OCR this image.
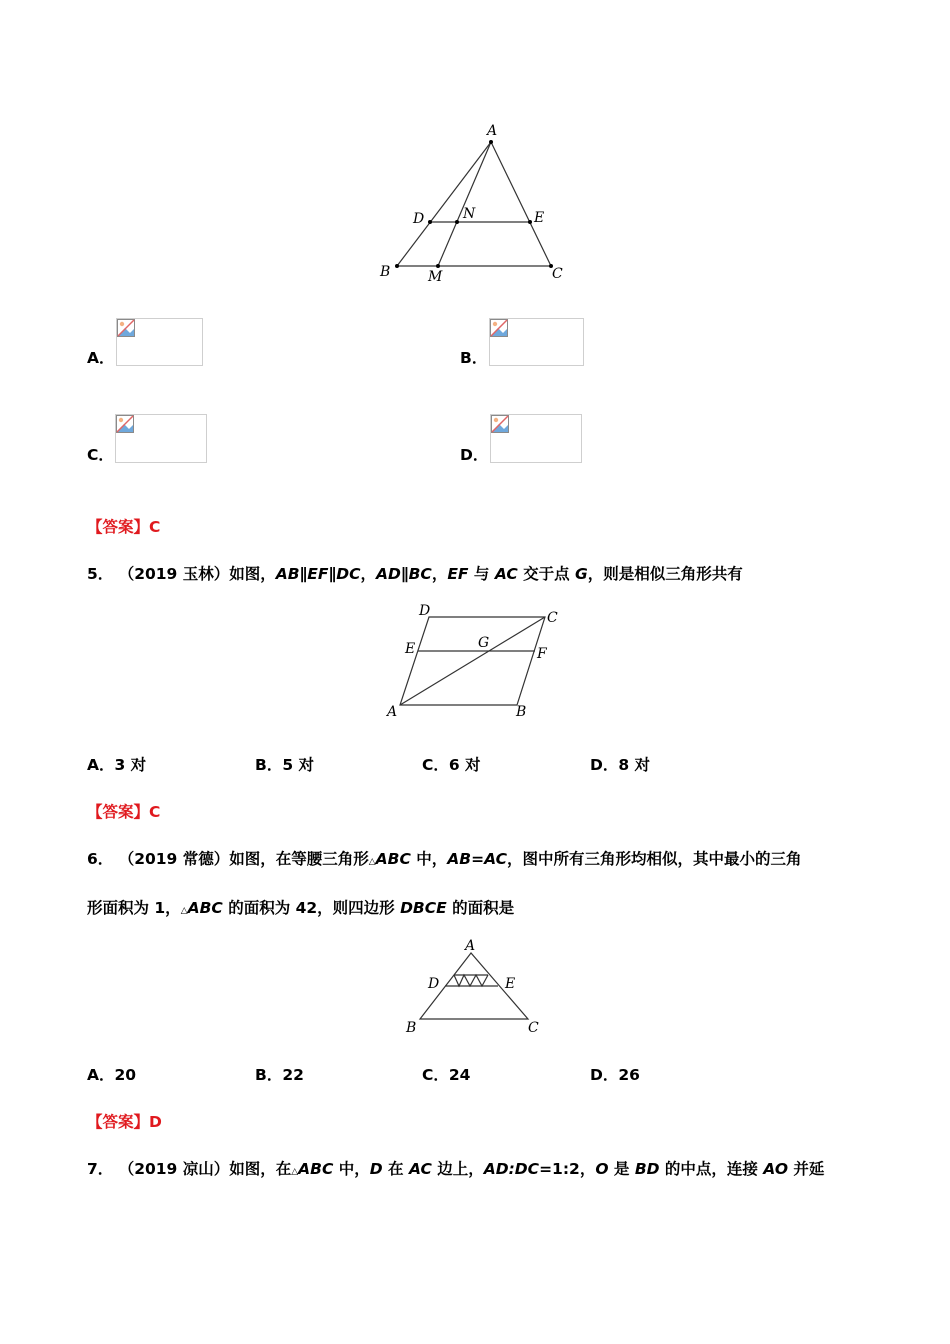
A
D	N	E
B	M	C
A．	B．
C．	D．
【答案】C
5． （2019 玉林）如图，AB∥EF∥DC，AD∥BC，EF 与 AC 交于点 G，则是相似三角形共有
D	C
E	G
F
A	B
A．3 对	B．5 对	C．6 对	D．8 对
【答案】C
6． （2019 常德）如图，在等腰三角形△ABC 中，AB=AC，图中所有三角形均相似，其中最小的三角
形面积为 1，△ABC 的面积为 42，则四边形 DBCE 的面积是
A
D	E
B	C
A．20	B．22	C．24	D．26
【答案】D
7． （2019 凉山）如图，在△ABC 中，D 在 AC 边上，AD:DC=1:2，O 是 BD 的中点，连接 AO 并延
